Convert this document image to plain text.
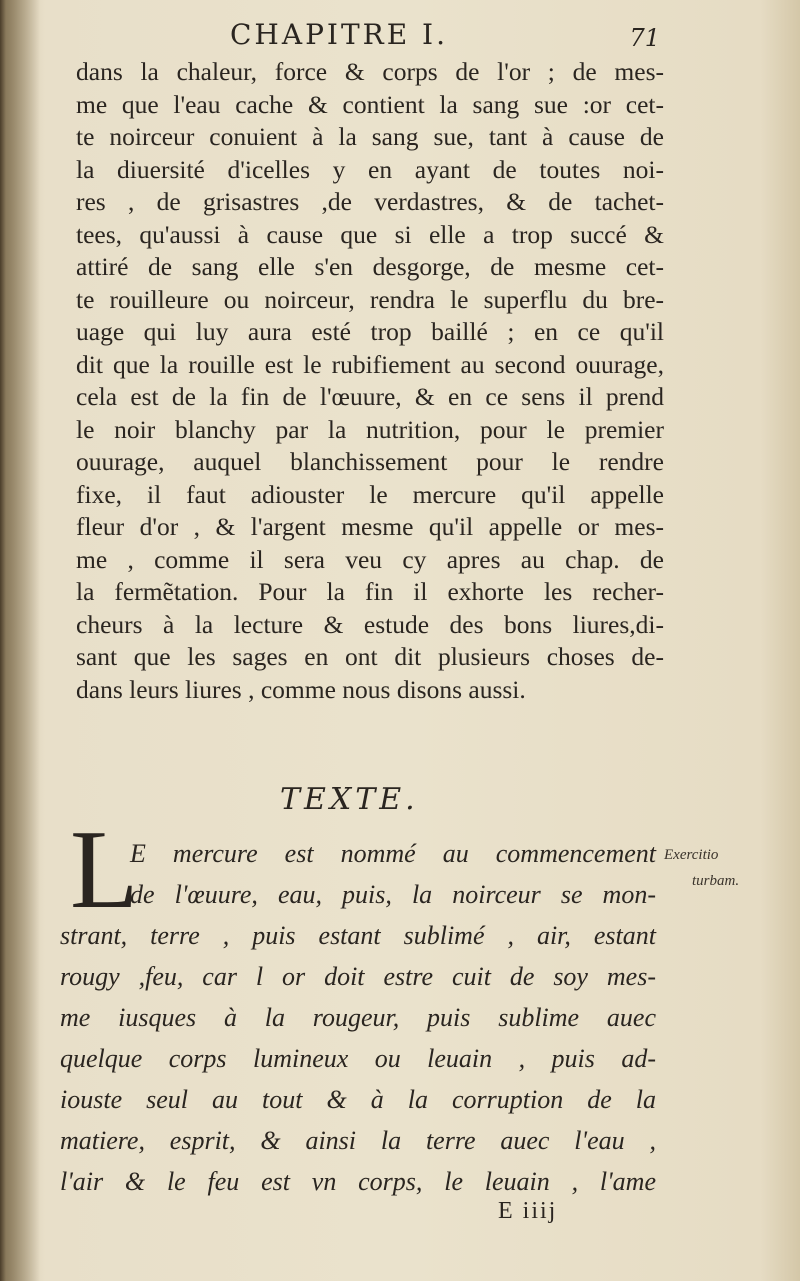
CHAPITRE I.	71
dans la chaleur, force & corps de l'or ; de mes-
me que l'eau cache & contient la sang sue :or cet-
te noirceur conuient à la sang sue, tant à cause de
la diuersité d'icelles y en ayant de toutes noi-
res , de grisastres ,de verdastres, & de tachet-
tees, qu'aussi à cause que si elle a trop succé &
attiré de sang elle s'en desgorge, de mesme cet-
te rouilleure ou noirceur, rendra le superflu du bre-
uage qui luy aura esté trop baillé ; en ce qu'il
dit que la rouille est le rubifiement au second ouurage,
cela est de la fin de l'œuure, & en ce sens il prend
le noir blanchy par la nutrition, pour le premier
ouurage, auquel blanchissement pour le rendre
fixe, il faut adiouster le mercure qu'il appelle
fleur d'or , & l'argent mesme qu'il appelle or mes-
me , comme il sera veu cy apres au chap. de
la fermẽtation. Pour la fin il exhorte les recher-
cheurs à la lecture & estude des bons liures,di-
sant que les sages en ont dit plusieurs choses de-
dans leurs liures , comme nous disons aussi.
TEXTE.
L
E mercure est nommé au commencement
de l'œuure, eau, puis, la noirceur se mon-
strant, terre , puis estant sublimé , air, estant
rougy ,feu, car l or doit estre cuit de soy mes-
me iusques à la rougeur, puis sublime auec
quelque corps lumineux ou leuain , puis ad-
iouste seul au tout & à la corruption de la
matiere, esprit, & ainsi la terre auec l'eau ,
l'air & le feu est vn corps, le leuain , l'ame
Exercitio
turbam.
E iiij
